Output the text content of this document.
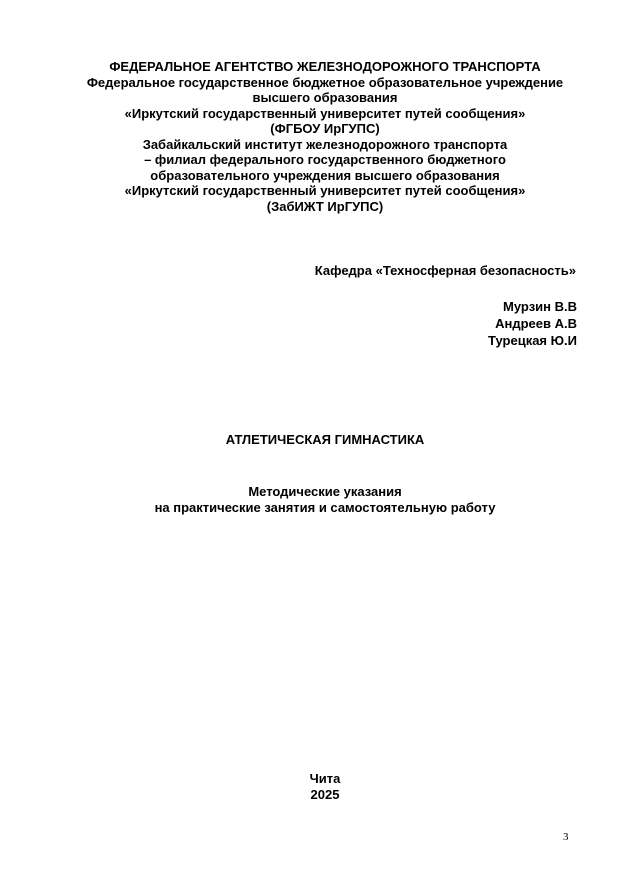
ФЕДЕРАЛЬНОЕ АГЕНТСТВО ЖЕЛЕЗНОДОРОЖНОГО ТРАНСПОРТА
Федеральное государственное бюджетное образовательное учреждение
высшего образования
«Иркутский государственный университет путей сообщения»
(ФГБОУ ИрГУПС)
Забайкальский институт железнодорожного транспорта
– филиал федерального государственного бюджетного
образовательного учреждения высшего образования
«Иркутский государственный университет путей сообщения»
(ЗабИЖТ ИрГУПС)
Кафедра «Техносферная безопасность»
Мурзин В.В
Андреев А.В
Турецкая Ю.И
АТЛЕТИЧЕСКАЯ ГИМНАСТИКА
Методические указания
на практические занятия и самостоятельную работу
Чита
2025
3
